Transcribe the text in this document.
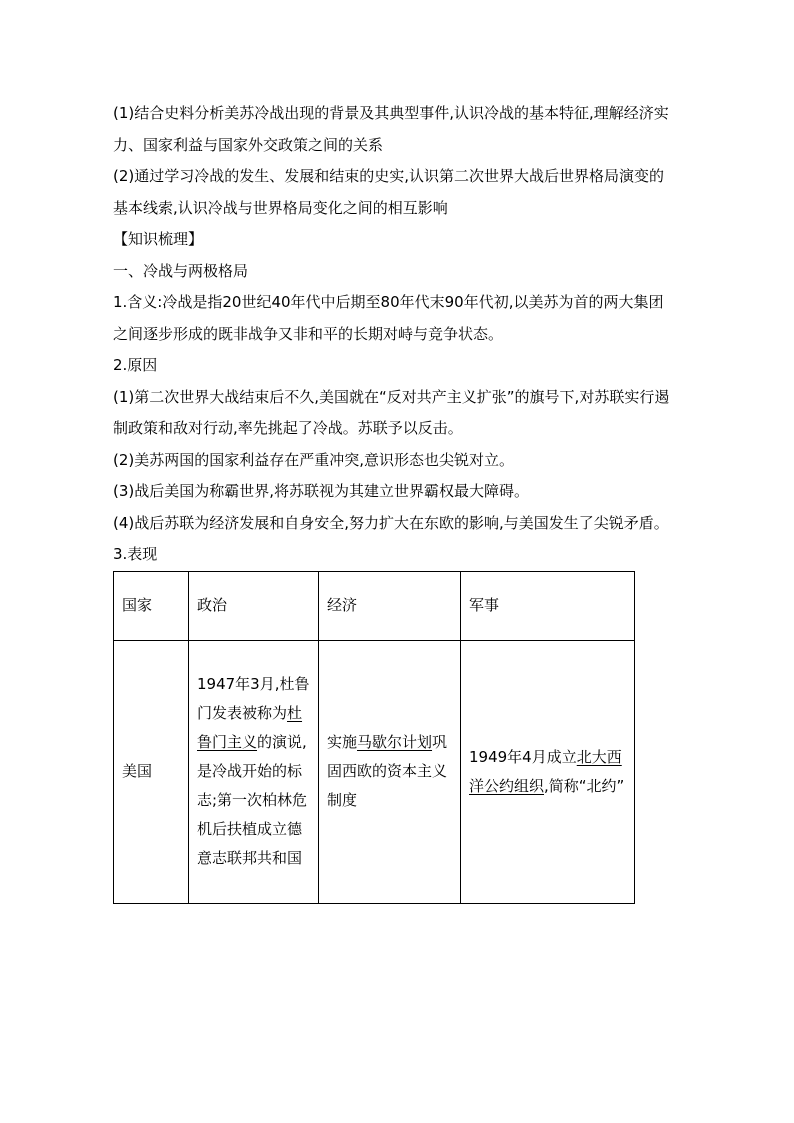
(1)结合史料分析美苏冷战出现的背景及其典型事件,认识冷战的基本特征,理解经济实力、国家利益与国家外交政策之间的关系

(2)通过学习冷战的发生、发展和结束的史实,认识第二次世界大战后世界格局演变的基本线索,认识冷战与世界格局变化之间的相互影响

【知识梳理】

一、冷战与两极格局

1.含义:冷战是指20世纪40年代中后期至80年代末90年代初,以美苏为首的两大集团之间逐步形成的既非战争又非和平的长期对峙与竞争状态。

2.原因

(1)第二次世界大战结束后不久,美国就在“反对共产主义扩张”的旗号下,对苏联实行遏制政策和敌对行动,率先挑起了冷战。苏联予以反击。

(2)美苏两国的国家利益存在严重冲突,意识形态也尖锐对立。

(3)战后美国为称霸世界,将苏联视为其建立世界霸权最大障碍。

(4)战后苏联为经济发展和自身安全,努力扩大在东欧的影响,与美国发生了尖锐矛盾。

3.表现

国家	政治	经济	军事
美国	1947年3月,杜鲁门发表被称为杜鲁门主义的演说,是冷战开始的标志;第一次柏林危机后扶植成立德意志联邦共和国	实施马歇尔计划巩固西欧的资本主义制度	1949年4月成立北大西洋公约组织,简称“北约”
